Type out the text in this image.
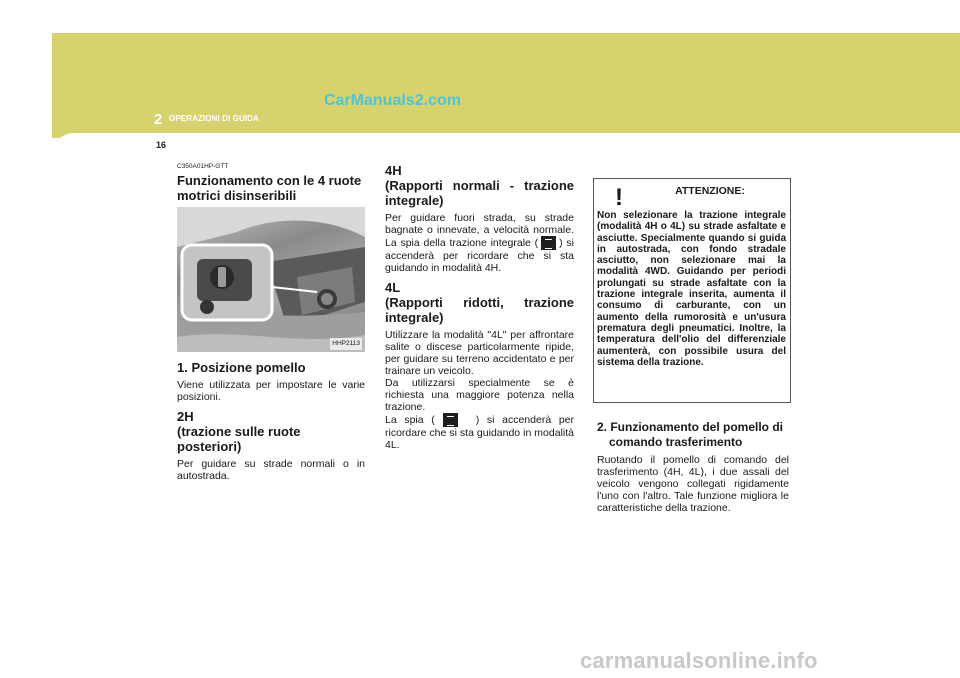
2 OPERAZIONI DI GUIDA
16
CarManuals2.com
C350A01HP-GTT
Funzionamento con le 4 ruote motrici disinseribili
HHP2113
1. Posizione pomello

Viene utilizzata per impostare le varie posizioni.

2H
(trazione sulle ruote posteriori)

Per guidare su strade normali o in autostrada.

4H
(Rapporti normali - trazione integrale)

Per guidare fuori strada, su strade bagnate o innevate, a velocità normale. La spia della trazione integrale ( ) si accenderà per ricordare che si sta guidando in modalità 4H.

4L
(Rapporti ridotti, trazione integrale)

Utilizzare la modalità "4L" per affrontare salite o discese particolarmente ripide, per guidare su terreno accidentato e per trainare un veicolo.

Da utilizzarsi specialmente se è richiesta una maggiore potenza nella trazione.

La spia (	) si accenderà per ricordare che si sta guidando in modalità 4L.

!	ATTENZIONE:
Non selezionare la trazione integrale (modalità 4H o 4L) su strade asfaltate e asciutte. Specialmente quando si guida in autostrada, con fondo stradale asciutto, non selezionare mai la modalità 4WD. Guidando per periodi prolungati su strade asfaltate con la trazione integrale inserita, aumenta il consumo di carburante, con un aumento della rumorosità e un'usura prematura degli pneumatici. Inoltre, la temperatura dell'olio del differenziale aumenterà, con possibile usura del sistema della trazione.
2. Funzionamento del pomello di comando trasferimento

Ruotando il pomello di comando del trasferimento (4H, 4L), i due assali del veicolo vengono collegati rigidamente l'uno con l'altro. Tale funzione migliora le caratteristiche della trazione.

carmanualsonline.info
